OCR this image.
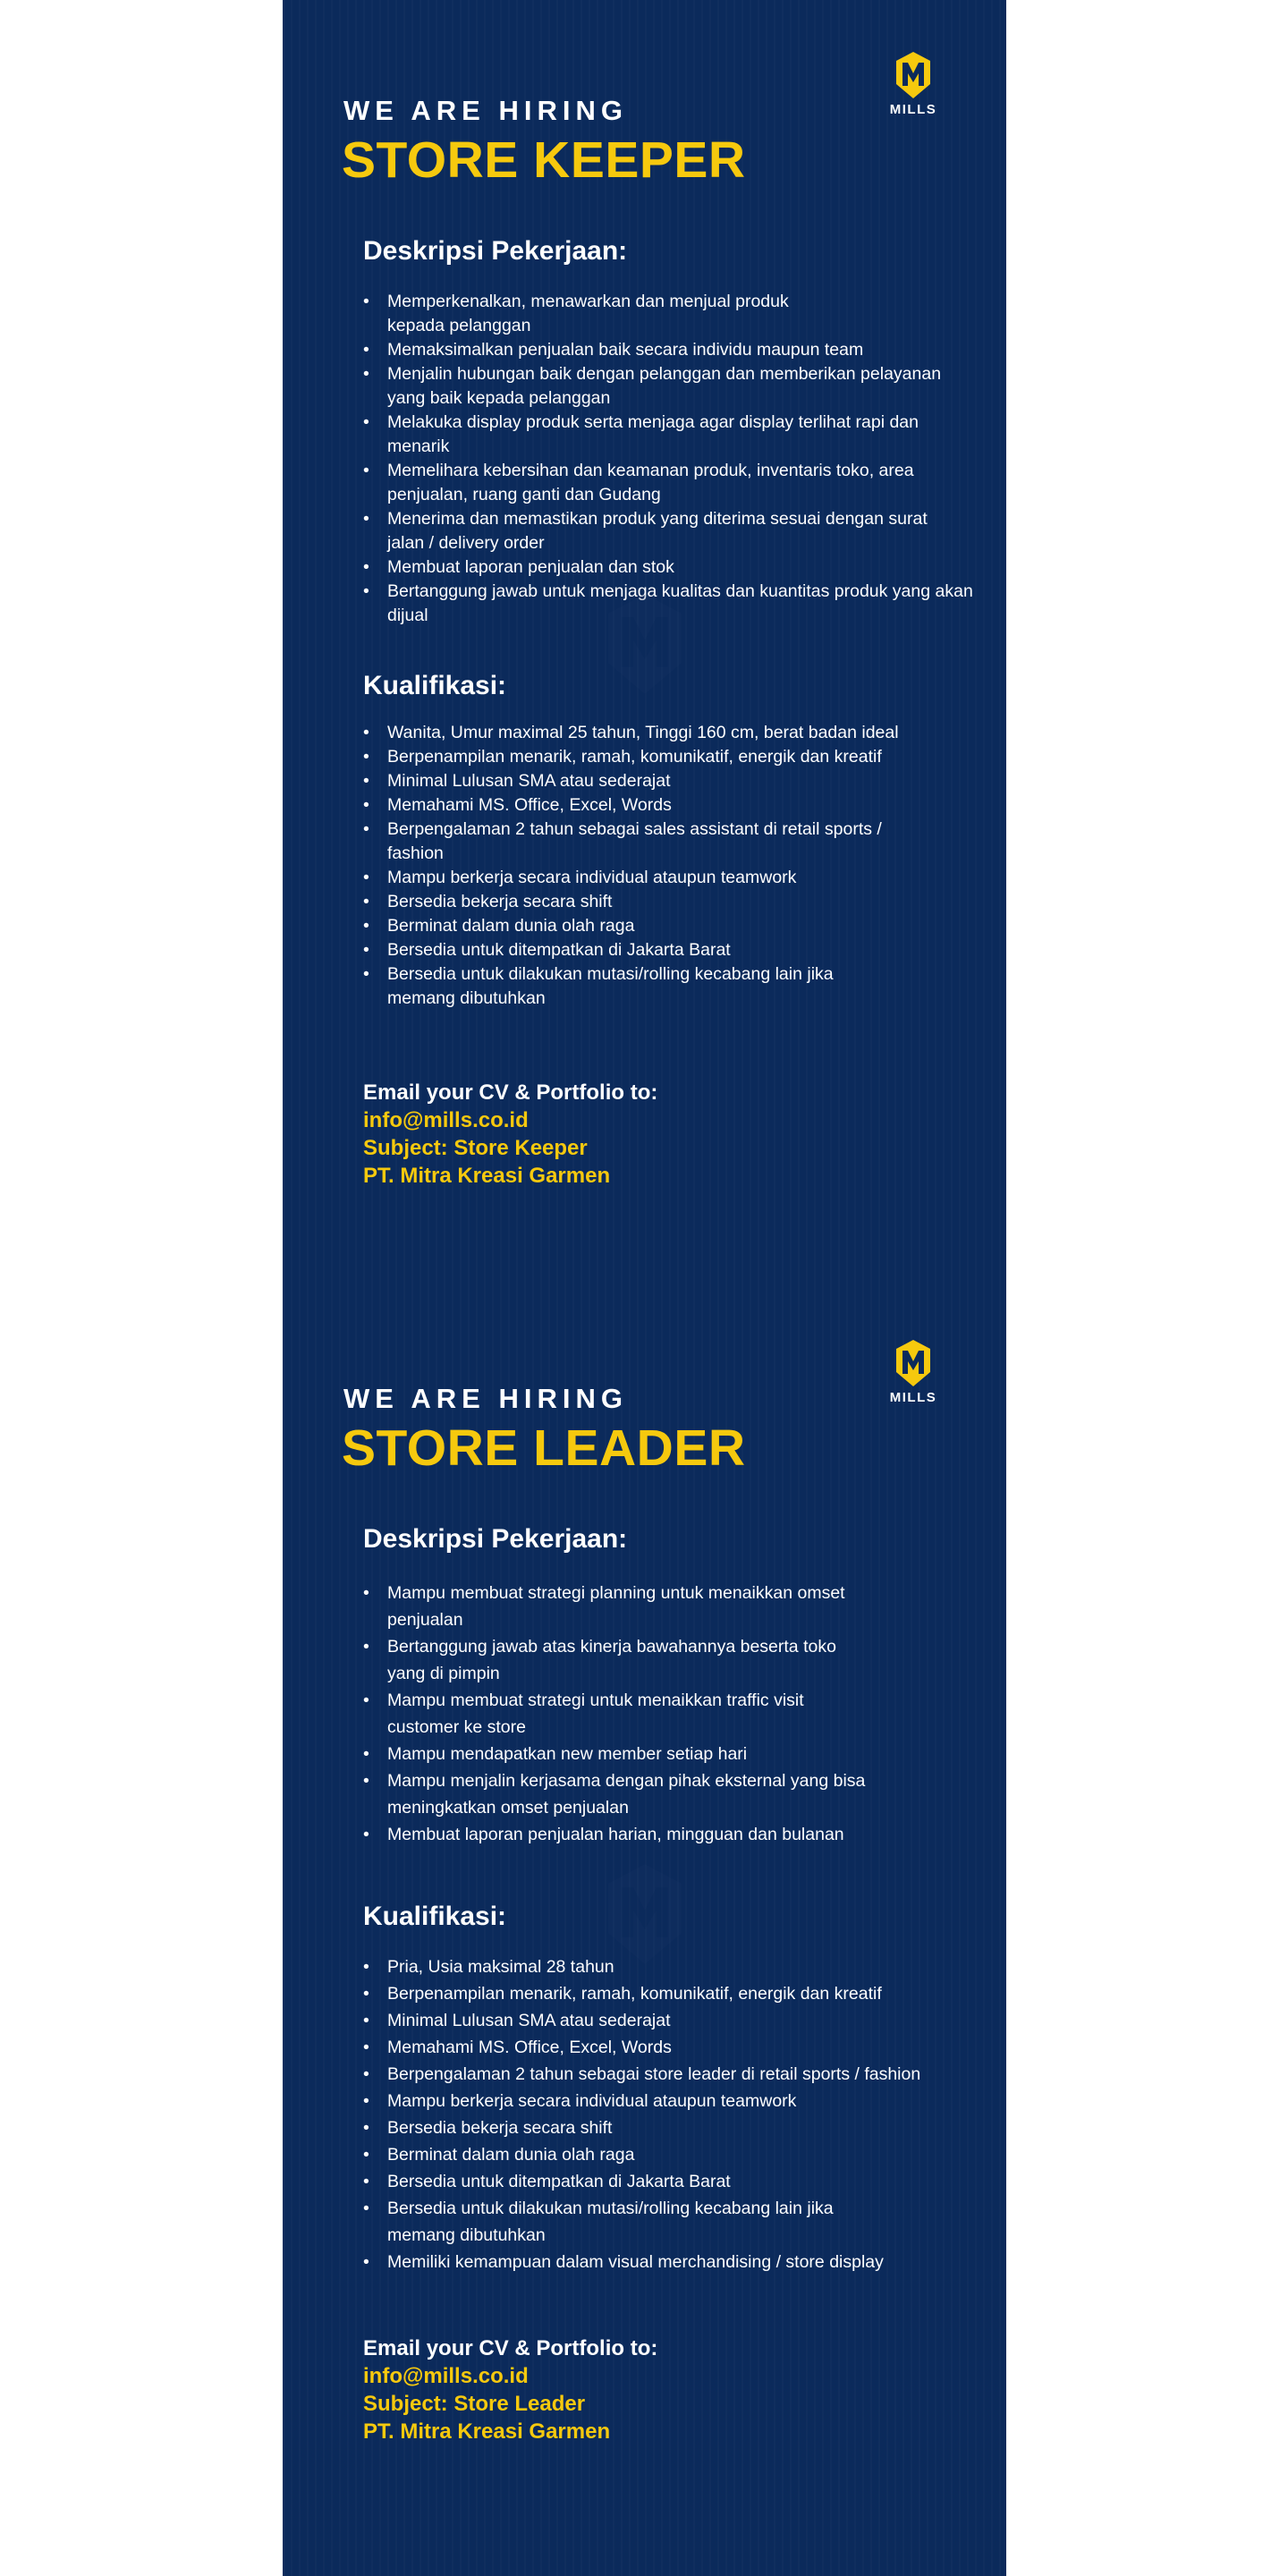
WE ARE HIRING
STORE KEEPER
MILLS
Deskripsi Pekerjaan:
• Memperkenalkan, menawarkan dan menjual produk kepada pelanggan
• Memaksimalkan penjualan baik secara individu maupun team
• Menjalin hubungan baik dengan pelanggan dan memberikan pelayanan yang baik kepada pelanggan
• Melakuka display produk serta menjaga agar display terlihat rapi dan menarik
• Memelihara kebersihan dan keamanan produk, inventaris toko, area penjualan, ruang ganti dan Gudang
• Menerima dan memastikan produk yang diterima sesuai dengan surat jalan / delivery order
• Membuat laporan penjualan dan stok
• Bertanggung jawab untuk menjaga kualitas dan kuantitas produk yang akan dijual
Kualifikasi:
• Wanita, Umur maximal 25 tahun, Tinggi 160 cm, berat badan ideal
• Berpenampilan menarik, ramah, komunikatif, energik dan kreatif
• Minimal Lulusan SMA atau sederajat
• Memahami MS. Office, Excel, Words
• Berpengalaman 2 tahun sebagai sales assistant di retail sports / fashion
• Mampu berkerja secara individual ataupun teamwork
• Bersedia bekerja secara shift
• Berminat dalam dunia olah raga
• Bersedia untuk ditempatkan di Jakarta Barat
• Bersedia untuk dilakukan mutasi/rolling kecabang lain jika memang dibutuhkan
Email your CV & Portfolio to:
info@mills.co.id
Subject: Store Keeper
PT. Mitra Kreasi Garmen
WE ARE HIRING
STORE LEADER
MILLS
Deskripsi Pekerjaan:
• Mampu membuat strategi planning untuk menaikkan omset penjualan
• Bertanggung jawab atas kinerja bawahannya beserta toko yang di pimpin
• Mampu membuat strategi untuk menaikkan traffic visit customer ke store
• Mampu mendapatkan new member setiap hari
• Mampu menjalin kerjasama dengan pihak eksternal yang bisa meningkatkan omset penjualan
• Membuat laporan penjualan harian, mingguan dan bulanan
Kualifikasi:
• Pria, Usia maksimal 28 tahun
• Berpenampilan menarik, ramah, komunikatif, energik dan kreatif
• Minimal Lulusan SMA atau sederajat
• Memahami MS. Office, Excel, Words
• Berpengalaman 2 tahun sebagai store leader di retail sports / fashion
• Mampu berkerja secara individual ataupun teamwork
• Bersedia bekerja secara shift
• Berminat dalam dunia olah raga
• Bersedia untuk ditempatkan di Jakarta Barat
• Bersedia untuk dilakukan mutasi/rolling kecabang lain jika memang dibutuhkan
• Memiliki kemampuan dalam visual merchandising / store display
Email your CV & Portfolio to:
info@mills.co.id
Subject: Store Leader
PT. Mitra Kreasi Garmen
